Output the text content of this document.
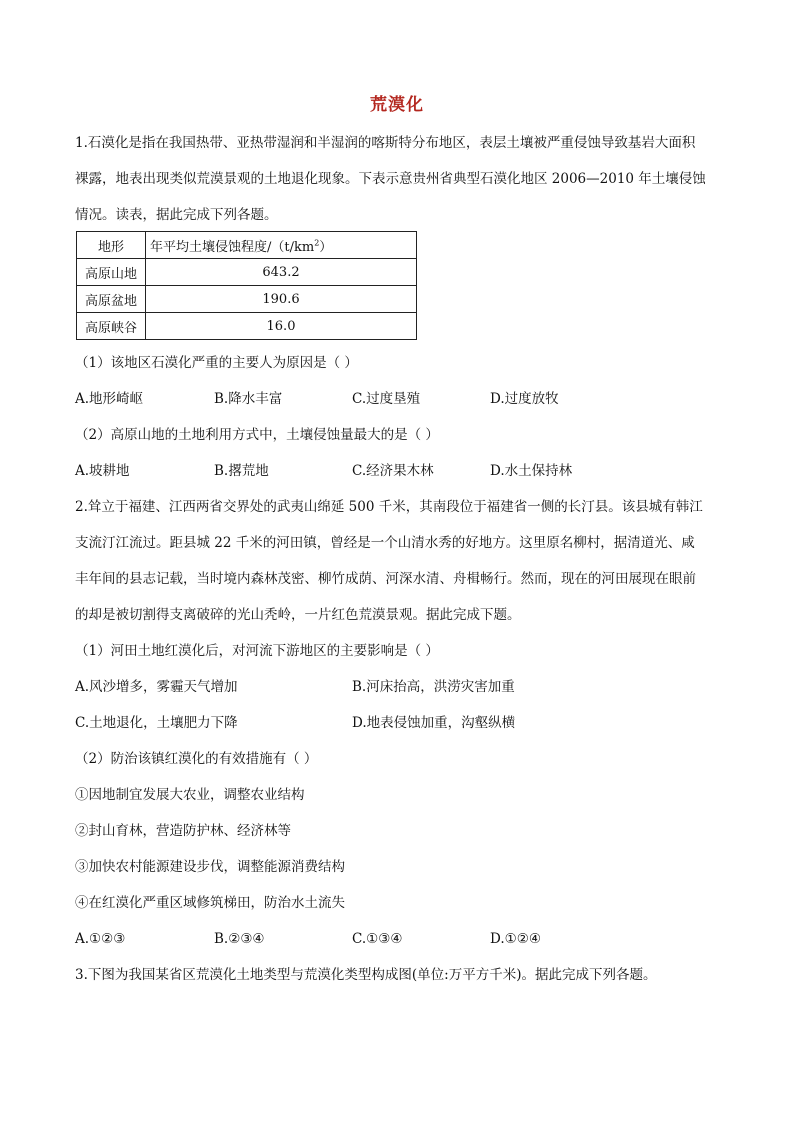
荒漠化
1.石漠化是指在我国热带、亚热带湿润和半湿润的喀斯特分布地区，表层土壤被严重侵蚀导致基岩大面积
裸露，地表出现类似荒漠景观的土地退化现象。下表示意贵州省典型石漠化地区 2006—2010 年土壤侵蚀
情况。读表，据此完成下列各题。
地形	年平均土壤侵蚀程度$/(t/km^2)$
高原山地	643.2
高原盆地	190.6
高原峡谷	16.0
（1）该地区石漠化严重的主要人为原因是（ ）
A.地形崎岖	B.降水丰富	C.过度垦殖	D.过度放牧
（2）高原山地的土地利用方式中，土壤侵蚀量最大的是（ ）
A.坡耕地	B.撂荒地	C.经济果木林	D.水土保持林
2.耸立于福建、江西两省交界处的武夷山绵延 500 千米，其南段位于福建省一侧的长汀县。该县城有韩江
支流汀江流过。距县城 22 千米的河田镇，曾经是一个山清水秀的好地方。这里原名柳村，据清道光、咸
丰年间的县志记载，当时境内森林茂密、柳竹成荫、河深水清、舟楫畅行。然而，现在的河田展现在眼前
的却是被切割得支离破碎的光山秃岭，一片红色荒漠景观。据此完成下题。
（1）河田土地红漠化后，对河流下游地区的主要影响是（ ）
A.风沙增多，雾霾天气增加	B.河床抬高，洪涝灾害加重
C.土地退化，土壤肥力下降	D.地表侵蚀加重，沟壑纵横
（2）防治该镇红漠化的有效措施有（ ）
①因地制宜发展大农业，调整农业结构
②封山育林，营造防护林、经济林等
③加快农村能源建设步伐，调整能源消费结构
④在红漠化严重区域修筑梯田，防治水土流失
A.①②③	B.②③④	C.①③④	D.①②④
3.下图为我国某省区荒漠化土地类型与荒漠化类型构成图(单位:万平方千米)。据此完成下列各题。
